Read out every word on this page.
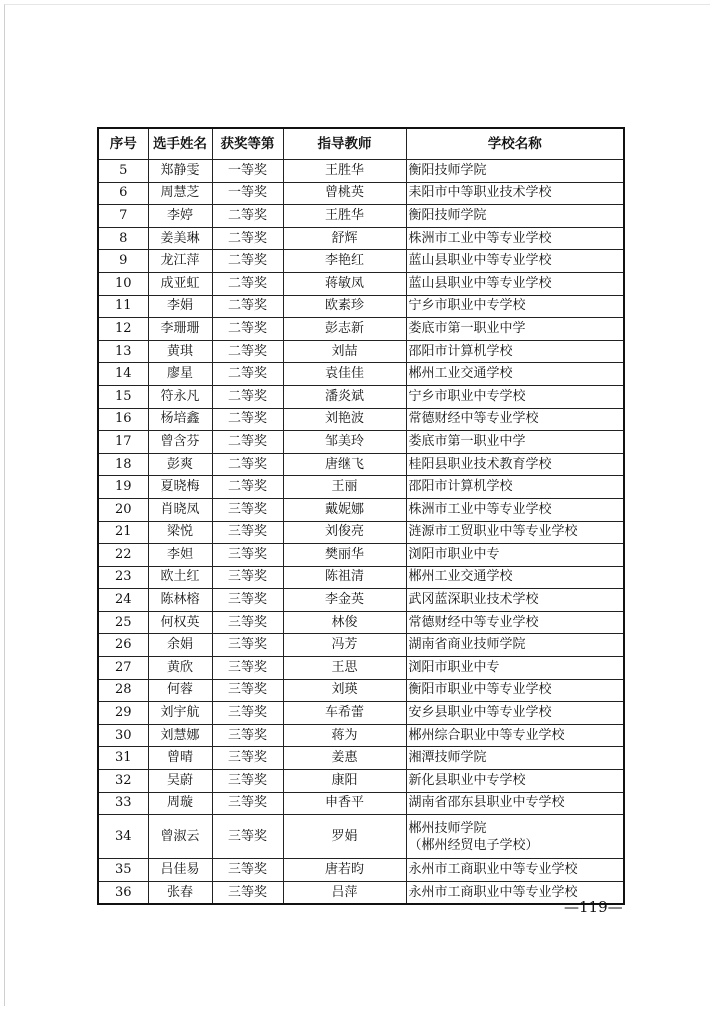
序号	选手姓名	获奖等第	指导教师	学校名称
5	郑静雯	一等奖	王胜华	衡阳技师学院
6	周慧芝	一等奖	曾桃英	耒阳市中等职业技术学校
7	李婷	二等奖	王胜华	衡阳技师学院
8	姜美琳	二等奖	舒辉	株洲市工业中等专业学校
9	龙江萍	二等奖	李艳红	蓝山县职业中等专业学校
10	成亚虹	二等奖	蒋敏凤	蓝山县职业中等专业学校
11	李娟	二等奖	欧素珍	宁乡市职业中专学校
12	李珊珊	二等奖	彭志新	娄底市第一职业中学
13	黄琪	二等奖	刘喆	邵阳市计算机学校
14	廖星	二等奖	袁佳佳	郴州工业交通学校
15	符永凡	二等奖	潘炎斌	宁乡市职业中专学校
16	杨培鑫	二等奖	刘艳波	常德财经中等专业学校
17	曾含芬	二等奖	邹美玲	娄底市第一职业中学
18	彭爽	二等奖	唐继飞	桂阳县职业技术教育学校
19	夏晓梅	二等奖	王丽	邵阳市计算机学校
20	肖晓凤	三等奖	戴妮娜	株洲市工业中等专业学校
21	梁悦	三等奖	刘俊亮	涟源市工贸职业中等专业学校
22	李妲	三等奖	樊丽华	浏阳市职业中专
23	欧土红	三等奖	陈祖清	郴州工业交通学校
24	陈林榕	三等奖	李金英	武冈蓝深职业技术学校
25	何权英	三等奖	林俊	常德财经中等专业学校
26	余娟	三等奖	冯芳	湖南省商业技师学院
27	黄欣	三等奖	王思	浏阳市职业中专
28	何蓉	三等奖	刘瑛	衡阳市职业中等专业学校
29	刘宇航	三等奖	车希蕾	安乡县职业中等专业学校
30	刘慧娜	三等奖	蒋为	郴州综合职业中等专业学校
31	曾晴	三等奖	姜惠	湘潭技师学院
32	吴蔚	三等奖	康阳	新化县职业中专学校
33	周璇	三等奖	申香平	湖南省邵东县职业中专学校
34	曾淑云	三等奖	罗娟	郴州技师学院
（郴州经贸电子学校）

35	吕佳易	三等奖	唐若昀	永州市工商职业中等专业学校
36	张春	三等奖	吕萍	永州市工商职业中等专业学校
—119—
